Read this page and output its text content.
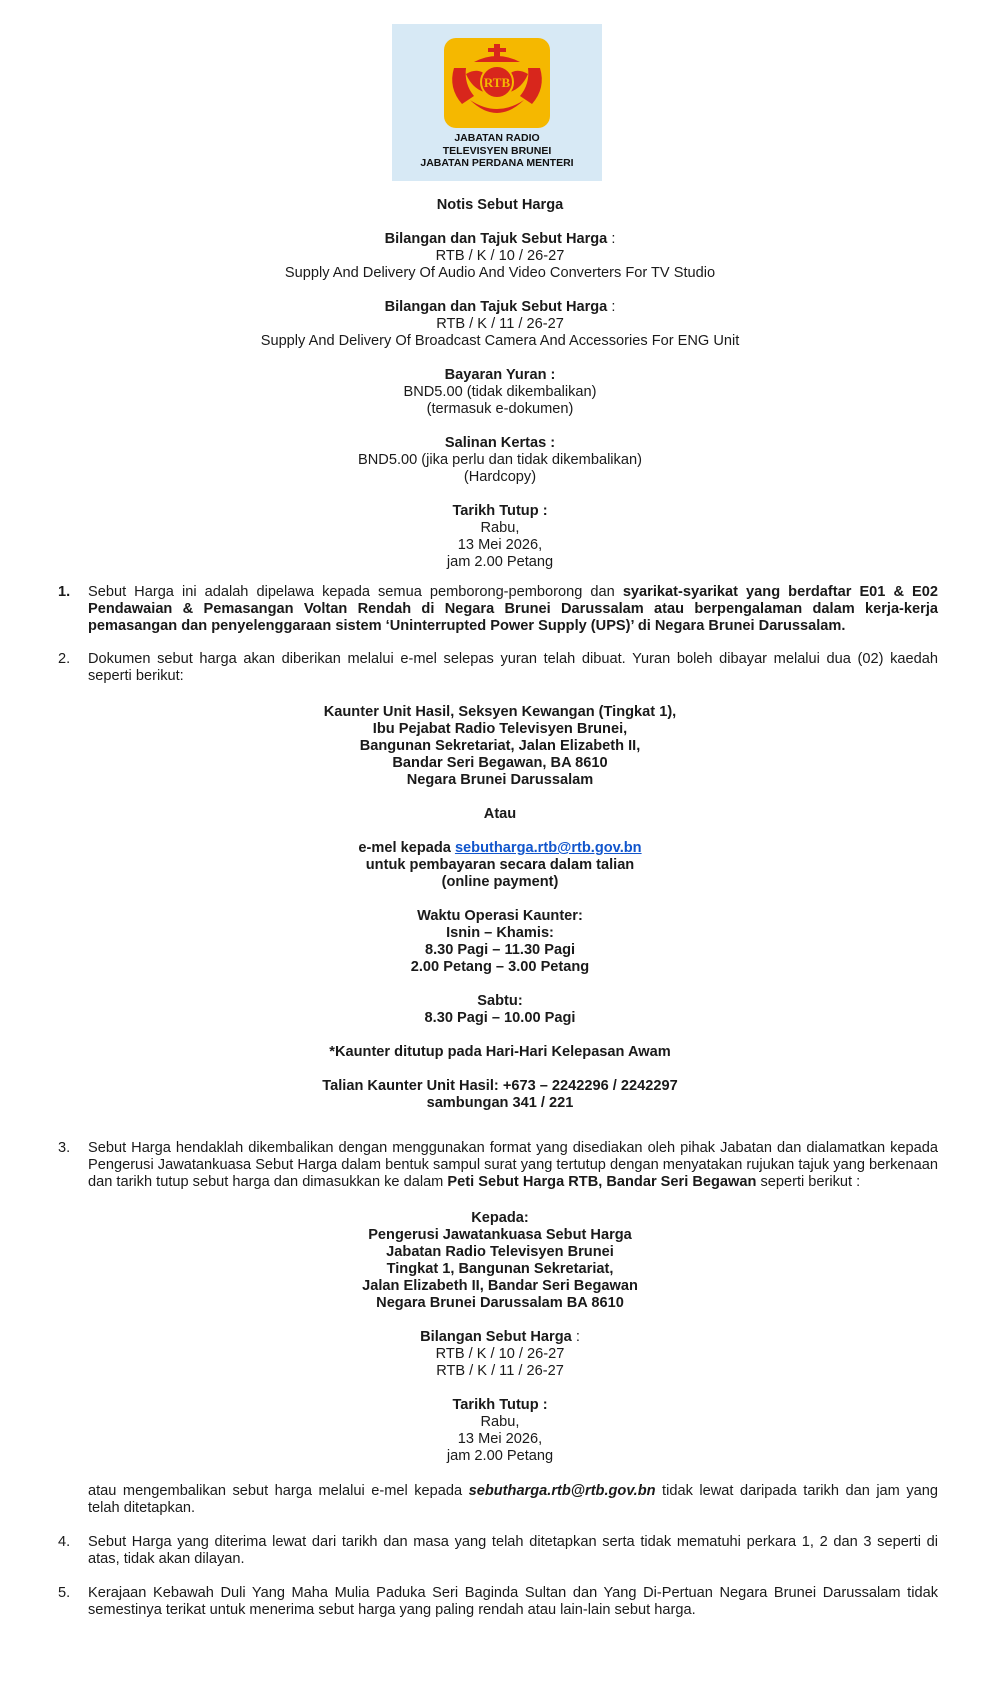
RTB
JABATAN RADIO
TELEVISYEN BRUNEI
JABATAN PERDANA MENTERI
Notis Sebut Harga
Bilangan dan Tajuk Sebut Harga :
RTB / K / 10 / 26-27
Supply And Delivery Of Audio And Video Converters For TV Studio
Bilangan dan Tajuk Sebut Harga :
RTB / K / 11 / 26-27
Supply And Delivery Of Broadcast Camera And Accessories For ENG Unit
Bayaran Yuran :
BND5.00 (tidak dikembalikan)
(termasuk e-dokumen)
Salinan Kertas :
BND5.00 (jika perlu dan tidak dikembalikan)
(Hardcopy)
Tarikh Tutup :
Rabu,
13 Mei 2026,
jam 2.00 Petang
1.	Sebut Harga ini adalah dipelawa kepada semua pemborong-pemborong dan syarikat-syarikat yang berdaftar E01 & E02 Pendawaian & Pemasangan Voltan Rendah di Negara Brunei Darussalam atau berpengalaman dalam kerja-kerja pemasangan dan penyelenggaraan sistem ‘Uninterrupted Power Supply (UPS)’ di Negara Brunei Darussalam.
2.	Dokumen sebut harga akan diberikan melalui e-mel selepas yuran telah dibuat. Yuran boleh dibayar melalui dua (02) kaedah seperti berikut:
Kaunter Unit Hasil, Seksyen Kewangan (Tingkat 1),
Ibu Pejabat Radio Televisyen Brunei,
Bangunan Sekretariat, Jalan Elizabeth II,
Bandar Seri Begawan, BA 8610
Negara Brunei Darussalam
Atau
e-mel kepada sebutharga.rtb@rtb.gov.bn
untuk pembayaran secara dalam talian
(online payment)
Waktu Operasi Kaunter:
Isnin – Khamis:
8.30 Pagi – 11.30 Pagi
2.00 Petang – 3.00 Petang
Sabtu:
8.30 Pagi – 10.00 Pagi
*Kaunter ditutup pada Hari-Hari Kelepasan Awam
Talian Kaunter Unit Hasil: +673 – 2242296 / 2242297
sambungan 341 / 221
3.	Sebut Harga hendaklah dikembalikan dengan menggunakan format yang disediakan oleh pihak Jabatan dan dialamatkan kepada Pengerusi Jawatankuasa Sebut Harga dalam bentuk sampul surat yang tertutup dengan menyatakan rujukan tajuk yang berkenaan dan tarikh tutup sebut harga dan dimasukkan ke dalam Peti Sebut Harga RTB, Bandar Seri Begawan seperti berikut :
Kepada:
Pengerusi Jawatankuasa Sebut Harga
Jabatan Radio Televisyen Brunei
Tingkat 1, Bangunan Sekretariat,
Jalan Elizabeth II, Bandar Seri Begawan
Negara Brunei Darussalam BA 8610
Bilangan Sebut Harga :
RTB / K / 10 / 26-27
RTB / K / 11 / 26-27
Tarikh Tutup :
Rabu,
13 Mei 2026,
jam 2.00 Petang
atau mengembalikan sebut harga melalui e-mel kepada sebutharga.rtb@rtb.gov.bn tidak lewat daripada tarikh dan jam yang telah ditetapkan.
4.	Sebut Harga yang diterima lewat dari tarikh dan masa yang telah ditetapkan serta tidak mematuhi perkara 1, 2 dan 3 seperti di atas, tidak akan dilayan.
5.	Kerajaan Kebawah Duli Yang Maha Mulia Paduka Seri Baginda Sultan dan Yang Di-Pertuan Negara Brunei Darussalam tidak semestinya terikat untuk menerima sebut harga yang paling rendah atau lain-lain sebut harga.
